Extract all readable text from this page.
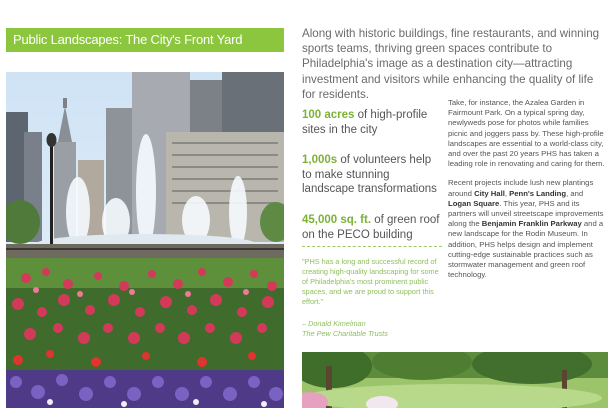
Public Landscapes: The City's Front Yard	Along with historic buildings, fine restaurants, and winning sports teams, thriving green spaces contribute to Philadelphia's image as a destination city—attracting investment and visitors while enhancing the quality of life for residents.
100 acres of high-profile sites in the city
1,000s of volunteers help to make stunning landscape transformations
45,000 sq. ft. of green roof on the PECO building
"PHS has a long and successful record of creating high-quality landscaping for some of Philadelphia's most prominent public spaces, and we are proud to support this effort."
– Donald Kimelman
The Pew Charitable Trusts

Take, for instance, the Azalea Garden in Fairmount Park. On a typical spring day, newlyweds pose for photos while families picnic and joggers pass by. These high-profile landscapes are essential to a world-class city, and over the past 20 years PHS has taken a leading role in renovating and caring for them.

Recent projects include lush new plantings around City Hall, Penn's Landing, and Logan Square. This year, PHS and its partners will unveil streetscape improvements along the Benjamin Franklin Parkway and a new landscape for the Rodin Museum. In addition, PHS helps design and implement cutting-edge sustainable practices such as stormwater management and green roof technology.
